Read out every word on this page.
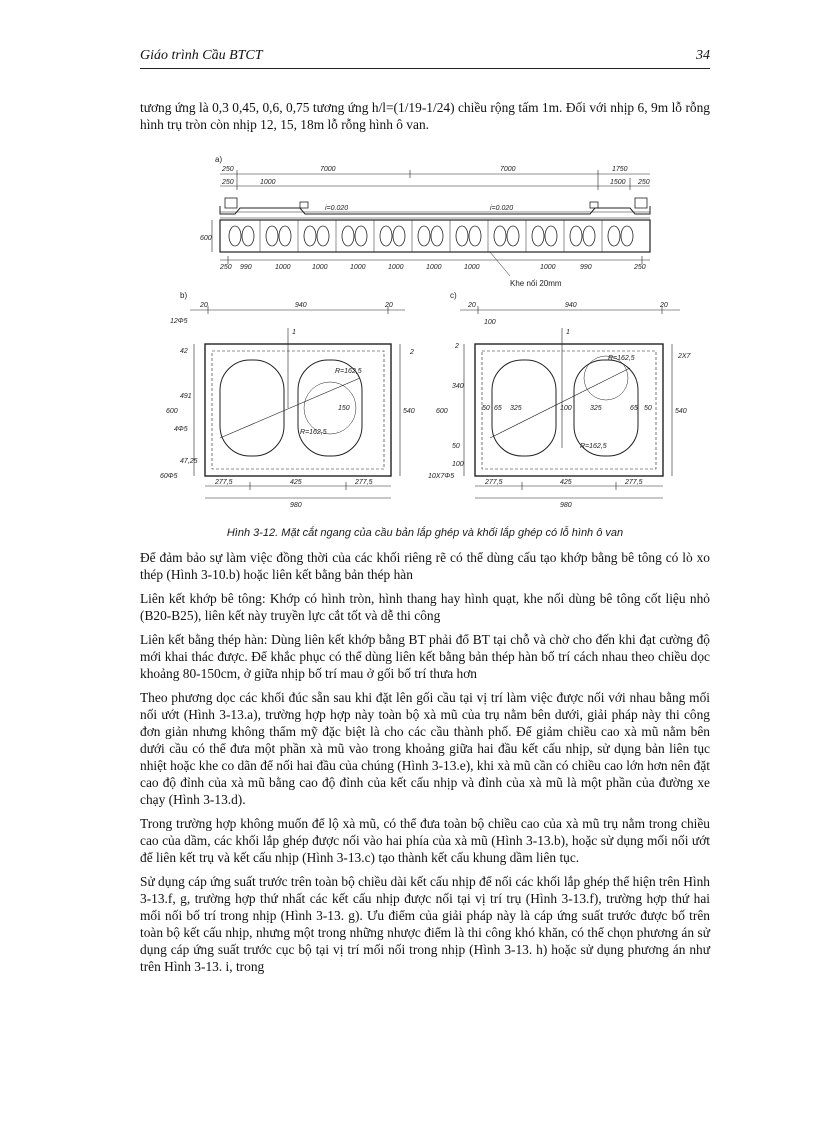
Giáo trình Cầu BTCT	34
tương ứng là 0,3 0,45, 0,6, 0,75 tương ứng h/l=(1/19-1/24) chiều rộng tấm 1m. Đối với nhịp 6, 9m lỗ rỗng hình trụ tròn còn nhịp 12, 15, 18m lỗ rỗng hình ô van.
a)
250	7000	7000	1750
250	1000	1500 250
i=0.020	i=0.020
600
250 990	1000	1000	1000	1000	1000	1000	1000	990	250
Khe nối 20mm
b)
20	940	20
12Φ5
42
491
47,25
600	540
1
2
R=162,5
R=162,5
150
4Φ5
60Φ5
277,5	425	277,5
980
c)
20	940	20
100
340
50
100
600	540
1
2
R=162,5
R=162,5
50 65 325	100	325	65 50
10X7Φ5
2X7
277,5	425	277,5
980
Hình 3-12. Mặt cắt ngang của cầu bản lắp ghép và khối lắp ghép có lỗ hình ô van

Để đảm bảo sự làm việc đồng thời của các khối riêng rẽ có thể dùng cấu tạo khớp bằng bê tông có lò xo thép (Hình 3-10.b) hoặc liên kết bằng bản thép hàn

Liên kết khớp bê tông: Khớp có hình tròn, hình thang hay hình quạt, khe nối dùng bê tông cốt liệu nhỏ (B20-B25), liên kết này truyền lực cắt tốt và dễ thi công

Liên kết bằng thép hàn: Dùng liên kết khớp bằng BT phải đổ BT tại chỗ và chờ cho đến khi đạt cường độ mới khai thác được. Để khắc phục có thể dùng liên kết bằng bản thép hàn bố trí cách nhau theo chiều dọc khoảng 80-150cm, ở giữa nhịp bố trí mau ở gối bố trí thưa hơn

Theo phương dọc các khối đúc sẵn sau khi đặt lên gối cầu tại vị trí làm việc được nối với nhau bằng mối nối ướt (Hình 3-13.a), trường hợp hợp này toàn bộ xà mũ của trụ nằm bên dưới, giải pháp này thi công đơn giản nhưng không thẩm mỹ đặc biệt là cho các cầu thành phố. Để giảm chiều cao xà mũ nằm bên dưới cầu có thể đưa một phần xà mũ vào trong khoảng giữa hai đầu kết cấu nhịp, sử dụng bản liên tục nhiệt hoặc khe co dãn để nối hai đầu của chúng (Hình 3-13.e), khi xà mũ cần có chiều cao lớn hơn nên đặt cao độ đỉnh của xà mũ bằng cao độ đỉnh của kết cấu nhịp và đỉnh của xà mũ là một phần của đường xe chạy (Hình 3-13.d).

Trong trường hợp không muốn để lộ xà mũ, có thể đưa toàn bộ chiều cao của xà mũ trụ nằm trong chiều cao của dầm, các khối lắp ghép được nối vào hai phía của xà mũ (Hình 3-13.b), hoặc sử dụng mối nối ướt để liên kết trụ và kết cấu nhịp (Hình 3-13.c) tạo thành kết cấu khung dầm liên tục.

Sử dụng cáp ứng suất trước trên toàn bộ chiều dài kết cấu nhịp để nối các khối lắp ghép thể hiện trên Hình 3-13.f, g, trường hợp thứ nhất các kết cấu nhịp được nối tại vị trí trụ (Hình 3-13.f), trường hợp thứ hai mối nối bố trí trong nhịp (Hình 3-13. g). Ưu điểm của giải pháp này là cáp ứng suất trước được bố trên toàn bộ kết cấu nhịp, nhưng một trong những nhược điểm là thi công khó khăn, có thể chọn phương án sử dụng cáp ứng suất trước cục bộ tại vị trí mối nối trong nhịp (Hình 3-13. h) hoặc sử dụng phương án như trên Hình 3-13. i, trong
